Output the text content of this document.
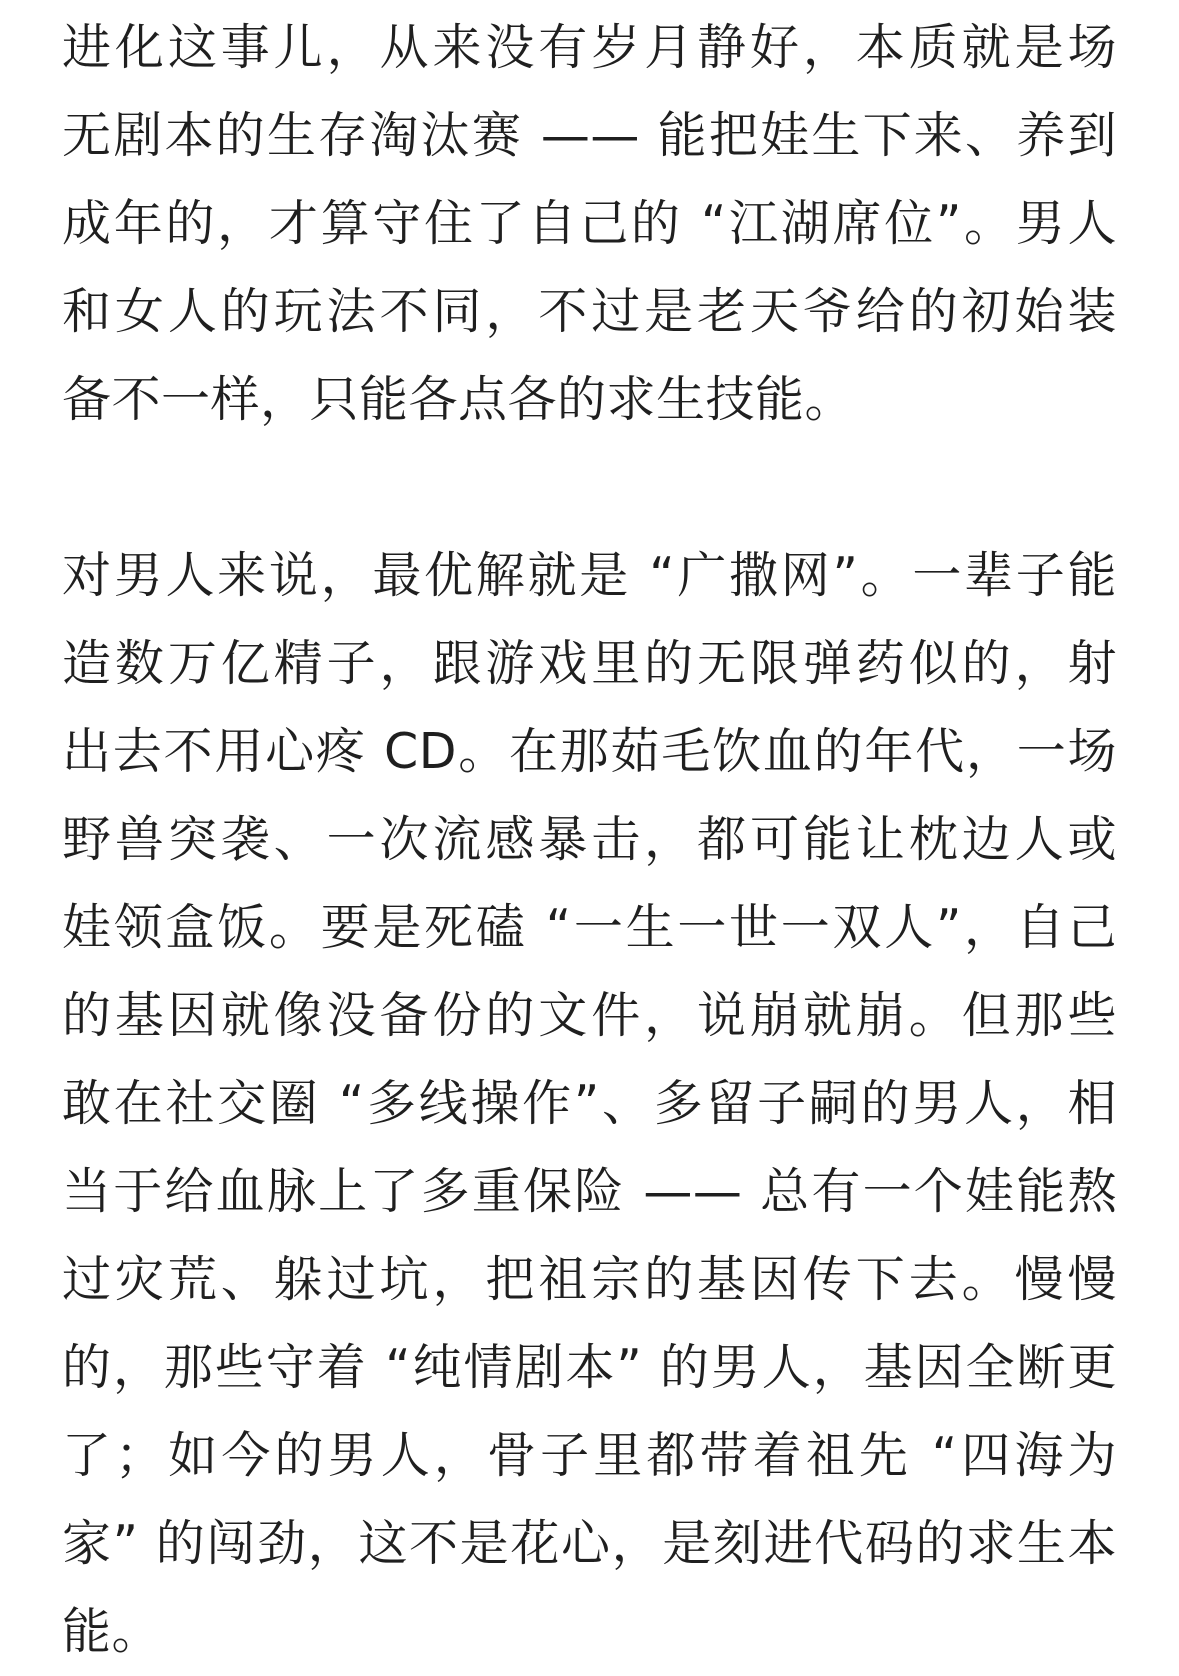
进化这事儿，从来没有岁月静好，本质就是场
无剧本的生存淘汰赛 —— 能把娃生下来、养到
成年的，才算守住了自己的 “江湖席位”。男人
和女人的玩法不同，不过是老天爷给的初始装
备不一样，只能各点各的求生技能。

对男人来说，最优解就是 “广撒网”。一辈子能
造数万亿精子，跟游戏里的无限弹药似的，射
出去不用心疼 CD。在那茹毛饮血的年代，一场
野兽突袭、一次流感暴击，都可能让枕边人或
娃领盒饭。要是死磕 “一生一世一双人”，自己
的基因就像没备份的文件，说崩就崩。但那些
敢在社交圈 “多线操作”、多留子嗣的男人，相
当于给血脉上了多重保险 —— 总有一个娃能熬
过灾荒、躲过坑，把祖宗的基因传下去。慢慢
的，那些守着 “纯情剧本” 的男人，基因全断更
了；如今的男人，骨子里都带着祖先 “四海为
家” 的闯劲，这不是花心，是刻进代码的求生本
能。
